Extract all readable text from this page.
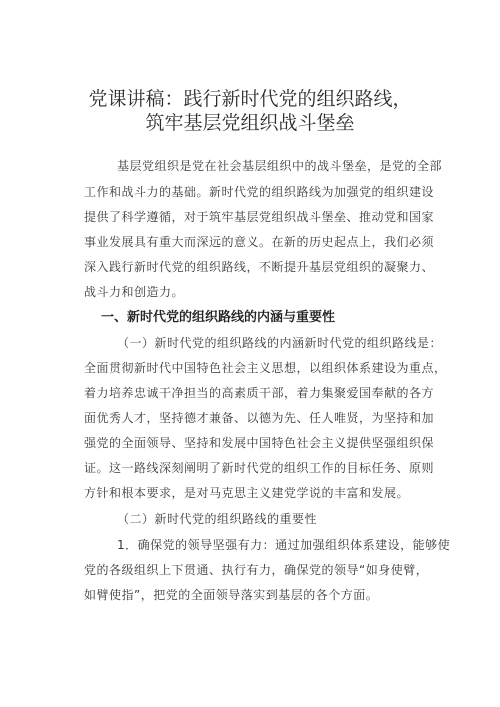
党课讲稿：践行新时代党的组织路线，
筑牢基层党组织战斗堡垒
基层党组织是党在社会基层组织中的战斗堡垒，是党的全部
工作和战斗力的基础。新时代党的组织路线为加强党的组织建设
提供了科学遵循，对于筑牢基层党组织战斗堡垒、推动党和国家
事业发展具有重大而深远的意义。在新的历史起点上，我们必须
深入践行新时代党的组织路线，不断提升基层党组织的凝聚力、
战斗力和创造力。
一、新时代党的组织路线的内涵与重要性
（一）新时代党的组织路线的内涵新时代党的组织路线是：
全面贯彻新时代中国特色社会主义思想，以组织体系建设为重点，
着力培养忠诚干净担当的高素质干部，着力集聚爱国奉献的各方
面优秀人才，坚持德才兼备、以德为先、任人唯贤，为坚持和加
强党的全面领导、坚持和发展中国特色社会主义提供坚强组织保
证。这一路线深刻阐明了新时代党的组织工作的目标任务、原则
方针和根本要求，是对马克思主义建党学说的丰富和发展。
（二）新时代党的组织路线的重要性
1．确保党的领导坚强有力：通过加强组织体系建设，能够使
党的各级组织上下贯通、执行有力，确保党的领导“如身使臂，
如臂使指”，把党的全面领导落实到基层的各个方面。
